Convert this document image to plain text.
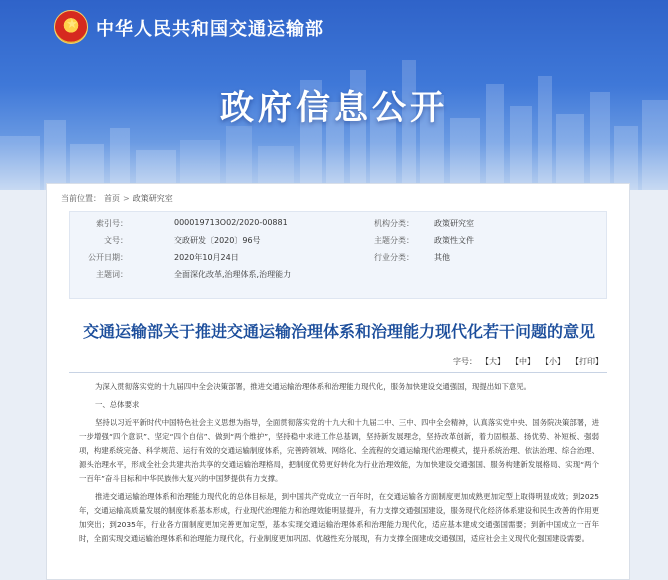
★	中华人民共和国交通运输部
政府信息公开
当前位置： 首页 > 政策研究室
索引号：	000019713O02/2020-00881	机构分类：	政策研究室
文号：	交政研发〔2020〕96号	主题分类：	政策性文件
公开日期：	2020年10月24日	行业分类：	其他
主题词：	全面深化改革,治理体系,治理能力
交通运输部关于推进交通运输治理体系和治理能力现代化若干问题的意见
字号： 【大】 【中】 【小】 【打印】

为深入贯彻落实党的十九届四中全会决策部署，推进交通运输治理体系和治理能力现代化，服务加快建设交通强国，现提出如下意见。

一、总体要求

坚持以习近平新时代中国特色社会主义思想为指导，全面贯彻落实党的十九大和十九届二中、三中、四中全会精神，认真落实党中央、国务院决策部署，进一步增强“四个意识”、坚定“四个自信”、做到“两个维护”，坚持稳中求进工作总基调，坚持新发展理念，坚持改革创新，着力固根基、扬优势、补短板、强弱项，构建系统完备、科学规范、运行有效的交通运输制度体系，完善跨领域、网络化、全流程的交通运输现代治理模式，提升系统治理、依法治理、综合治理、源头治理水平，形成全社会共建共治共享的交通运输治理格局，把制度优势更好转化为行业治理效能，为加快建设交通强国、服务构建新发展格局、实现“两个一百年”奋斗目标和中华民族伟大复兴的中国梦提供有力支撑。

推进交通运输治理体系和治理能力现代化的总体目标是，到中国共产党成立一百年时，在交通运输各方面制度更加成熟更加定型上取得明显成效；到2025年，交通运输高质量发展的制度体系基本形成，行业现代治理能力和治理效能明显提升，有力支撑交通强国建设，服务现代化经济体系建设和民生改善的作用更加突出；到2035年，行业各方面制度更加完善更加定型，基本实现交通运输治理体系和治理能力现代化，适应基本建成交通强国需要；到新中国成立一百年时，全面实现交通运输治理体系和治理能力现代化，行业制度更加巩固、优越性充分展现，有力支撑全面建成交通强国，适应社会主义现代化强国建设需要。
